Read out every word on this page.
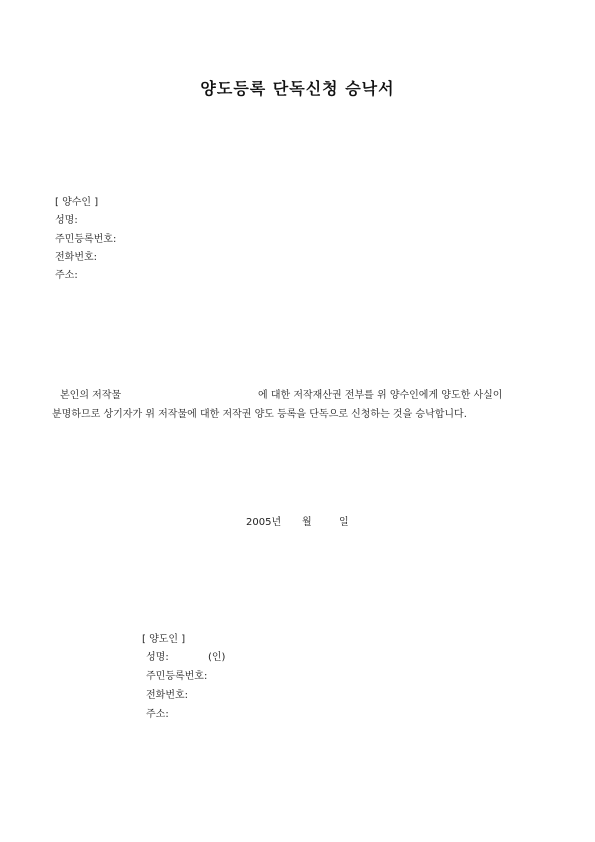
양도등록 단독신청 승낙서
[ 양수인 ]
성명:
주민등록번호:
전화번호:
주소:
본인의 저작물	에 대한 저작재산권 전부를 위 양수인에게 양도한 사실이
분명하므로 상기자가 위 저작물에 대한 저작권 양도 등록을 단독으로 신청하는 것을 승낙합니다.
2005년 월	일
[ 양도인 ]
성명:	(인)
주민등록번호:
전화번호:
주소:
